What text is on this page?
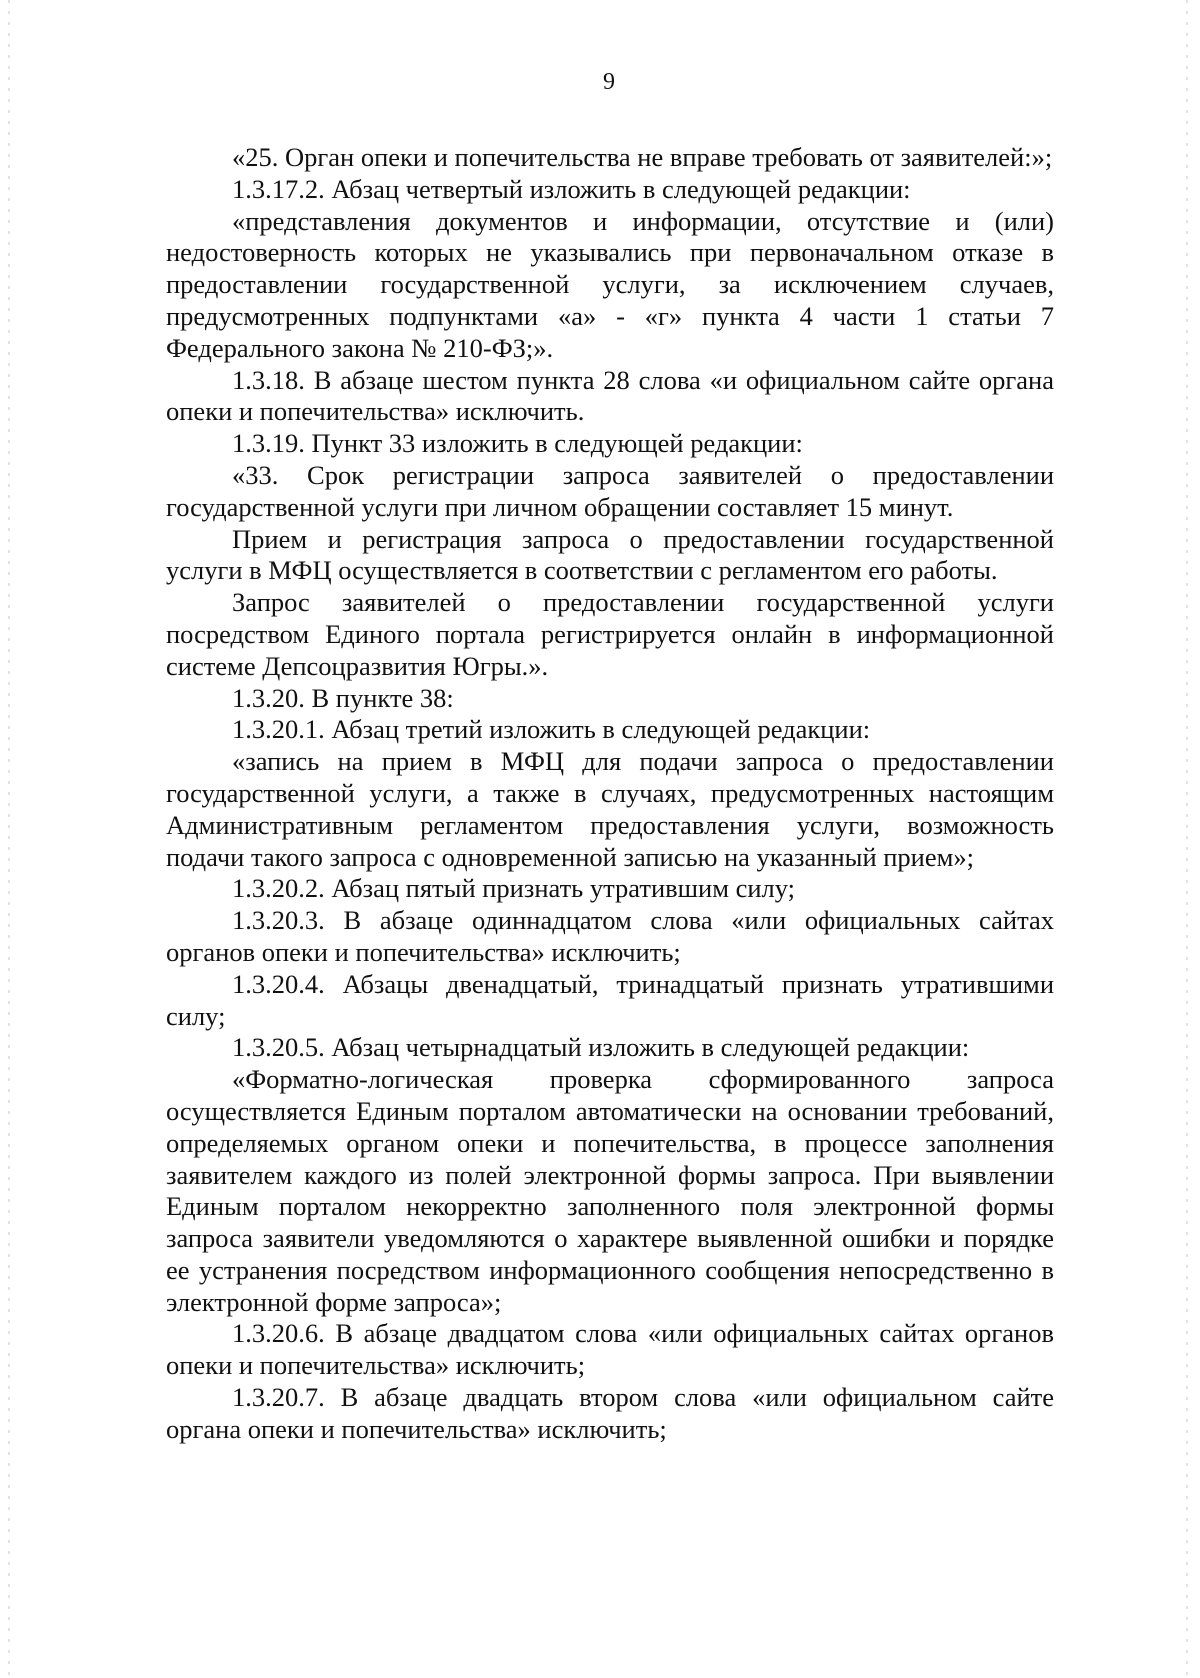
9

«25. Орган опеки и попечительства не вправе требовать от заявителей:»;

1.3.17.2. Абзац четвертый изложить в следующей редакции:

«представления документов и информации, отсутствие и (или) недостоверность которых не указывались при первоначальном отказе в предоставлении государственной услуги, за исключением случаев, предусмотренных подпунктами «а» - «г» пункта 4 части 1 статьи 7 Федерального закона № 210-ФЗ;».

1.3.18. В абзаце шестом пункта 28 слова «и официальном сайте органа опеки и попечительства» исключить.

1.3.19. Пункт 33 изложить в следующей редакции:

«33. Срок регистрации запроса заявителей о предоставлении государственной услуги при личном обращении составляет 15 минут.

Прием и регистрация запроса о предоставлении государственной услуги в МФЦ осуществляется в соответствии с регламентом его работы.

Запрос заявителей о предоставлении государственной услуги посредством Единого портала регистрируется онлайн в информационной системе Депсоцразвития Югры.».

1.3.20. В пункте 38:

1.3.20.1. Абзац третий изложить в следующей редакции:

«запись на прием в МФЦ для подачи запроса о предоставлении государственной услуги, а также в случаях, предусмотренных настоящим Административным регламентом предоставления услуги, возможность подачи такого запроса с одновременной записью на указанный прием»;

1.3.20.2. Абзац пятый признать утратившим силу;

1.3.20.3. В абзаце одиннадцатом слова «или официальных сайтах органов опеки и попечительства» исключить;

1.3.20.4. Абзацы двенадцатый, тринадцатый признать утратившими силу;

1.3.20.5. Абзац четырнадцатый изложить в следующей редакции:

«Форматно-логическая проверка сформированного запроса осуществляется Единым порталом автоматически на основании требований, определяемых органом опеки и попечительства, в процессе заполнения заявителем каждого из полей электронной формы запроса. При выявлении Единым порталом некорректно заполненного поля электронной формы запроса заявители уведомляются о характере выявленной ошибки и порядке ее устранения посредством информационного сообщения непосредственно в электронной форме запроса»;

1.3.20.6. В абзаце двадцатом слова «или официальных сайтах органов опеки и попечительства» исключить;

1.3.20.7. В абзаце двадцать втором слова «или официальном сайте органа опеки и попечительства» исключить;
